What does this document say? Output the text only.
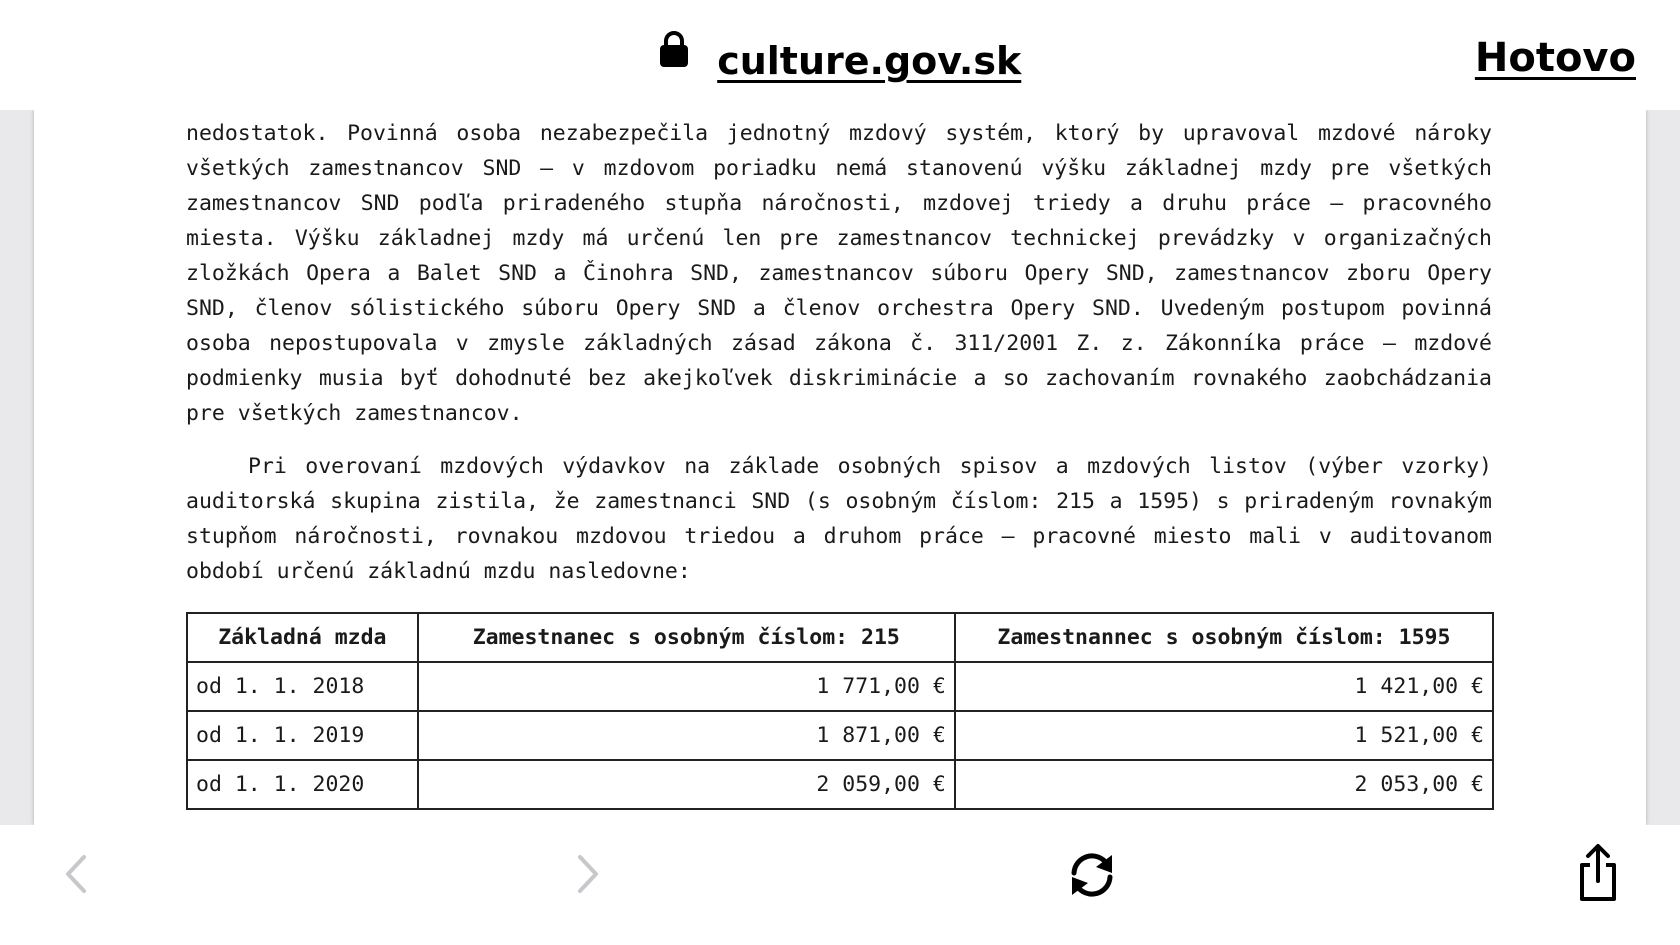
culture.gov.sk	Hotovo

nedostatok. Povinná osoba nezabezpečila jednotný mzdový systém, ktorý by upravoval mzdové nároky všetkých zamestnancov SND – v mzdovom poriadku nemá stanovenú výšku základnej mzdy pre všetkých zamestnancov SND podľa priradeného stupňa náročnosti, mzdovej triedy a druhu práce – pracovného miesta. Výšku základnej mzdy má určenú len pre zamestnancov technickej prevádzky v organizačných zložkách Opera a Balet SND a Činohra SND, zamestnancov súboru Opery SND, zamestnancov zboru Opery SND, členov sólistického súboru Opery SND a členov orchestra Opery SND. Uvedeným postupom povinná osoba nepostupovala v zmysle základných zásad zákona č. 311/2001 Z. z. Zákonníka práce – mzdové podmienky musia byť dohodnuté bez akejkoľvek diskriminácie a so zachovaním rovnakého zaobchádzania pre všetkých zamestnancov.

Pri overovaní mzdových výdavkov na základe osobných spisov a mzdových listov (výber vzorky) auditorská skupina zistila, že zamestnanci SND (s osobným číslom: 215 a 1595) s priradeným rovnakým stupňom náročnosti, rovnakou mzdovou triedou a druhom práce – pracovné miesto mali v auditovanom období určenú základnú mzdu nasledovne:

Základná mzda	Zamestnanec s osobným číslom: 215	Zamestnannec s osobným číslom: 1595
od 1. 1. 2018	1 771,00 €	1 421,00 €
od 1. 1. 2019	1 871,00 €	1 521,00 €
od 1. 1. 2020	2 059,00 €	2 053,00 €
